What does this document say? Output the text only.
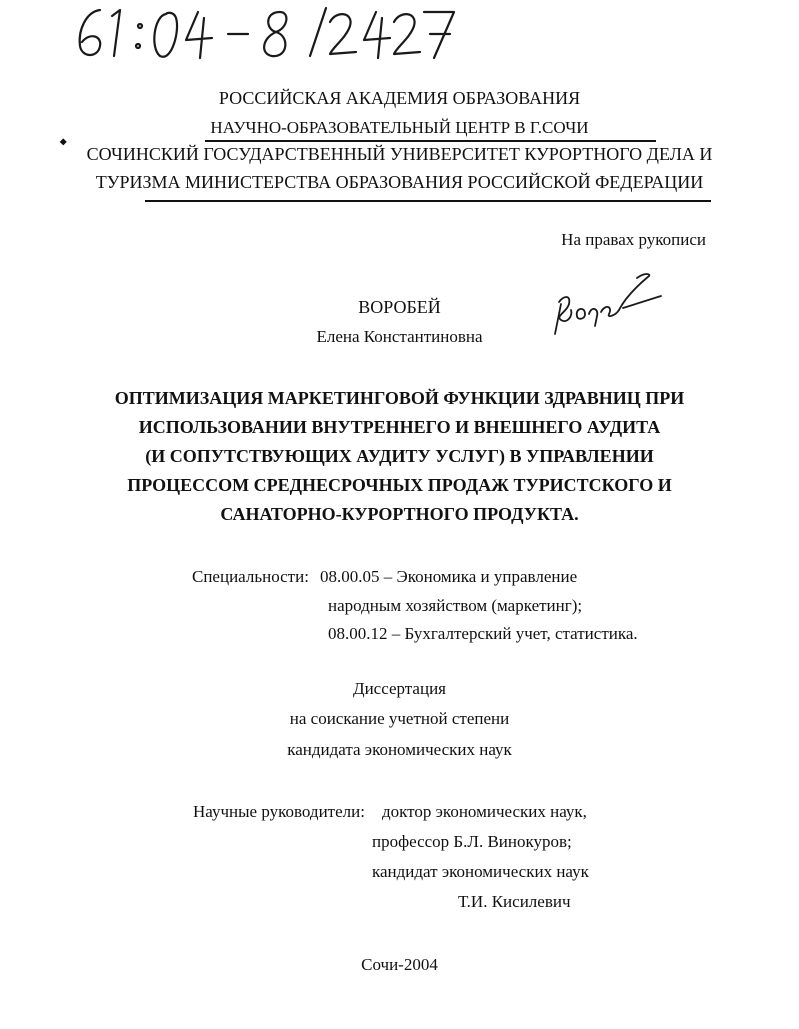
⬩
РОССИЙСКАЯ АКАДЕМИЯ ОБРАЗОВАНИЯ
НАУЧНО-ОБРАЗОВАТЕЛЬНЫЙ ЦЕНТР В Г.СОЧИ
СОЧИНСКИЙ ГОСУДАРСТВЕННЫЙ УНИВЕРСИТЕТ КУРОРТНОГО ДЕЛА И
ТУРИЗМА МИНИСТЕРСТВА ОБРАЗОВАНИЯ РОССИЙСКОЙ ФЕДЕРАЦИИ
На правах рукописи
ВОРОБЕЙ
Елена Константиновна
ОПТИМИЗАЦИЯ МАРКЕТИНГОВОЙ ФУНКЦИИ ЗДРАВНИЦ ПРИ
ИСПОЛЬЗОВАНИИ ВНУТРЕННЕГО И ВНЕШНЕГО АУДИТА
(И СОПУТСТВУЮЩИХ АУДИТУ УСЛУГ) В УПРАВЛЕНИИ
ПРОЦЕССОМ СРЕДНЕСРОЧНЫХ ПРОДАЖ ТУРИСТСКОГО И
САНАТОРНО-КУРОРТНОГО ПРОДУКТА.
Специальности: 08.00.05 – Экономика и управление
народным хозяйством (маркетинг);
08.00.12 – Бухгалтерский учет, статистика.
Диссертация
на соискание учетной степени
кандидата экономических наук
Научные руководители: доктор экономических наук,
профессор Б.Л. Винокуров;
кандидат экономических наук
Т.И. Кисилевич
Сочи-2004
